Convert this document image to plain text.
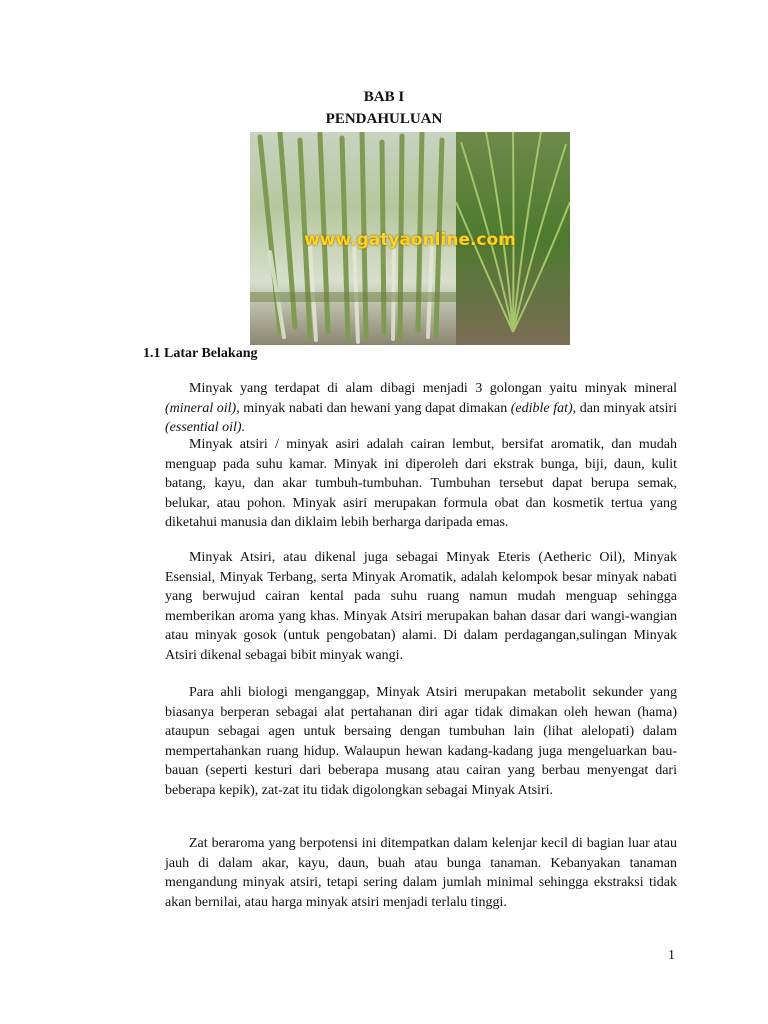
BAB I
PENDAHULUAN
www.gatyaonline.com
1.1 Latar Belakang
Minyak yang terdapat di alam dibagi menjadi 3 golongan yaitu minyak mineral (mineral oil), minyak nabati dan hewani yang dapat dimakan (edible fat), dan minyak atsiri (essential oil).
Minyak atsiri / minyak asiri adalah cairan lembut, bersifat aromatik, dan mudah menguap pada suhu kamar. Minyak ini diperoleh dari ekstrak bunga, biji, daun, kulit batang, kayu, dan akar tumbuh-tumbuhan. Tumbuhan tersebut dapat berupa semak, belukar, atau pohon. Minyak asiri merupakan formula obat dan kosmetik tertua yang diketahui manusia dan diklaim lebih berharga daripada emas.
Minyak Atsiri, atau dikenal juga sebagai Minyak Eteris (Aetheric Oil), Minyak Esensial, Minyak Terbang, serta Minyak Aromatik, adalah kelompok besar minyak nabati yang berwujud cairan kental pada suhu ruang namun mudah menguap sehingga memberikan aroma yang khas. Minyak Atsiri merupakan bahan dasar dari wangi-wangian atau minyak gosok (untuk pengobatan) alami. Di dalam perdagangan,sulingan Minyak Atsiri dikenal sebagai bibit minyak wangi.
Para ahli biologi menganggap, Minyak Atsiri merupakan metabolit sekunder yang biasanya berperan sebagai alat pertahanan diri agar tidak dimakan oleh hewan (hama) ataupun sebagai agen untuk bersaing dengan tumbuhan lain (lihat alelopati) dalam mempertahankan ruang hidup. Walaupun hewan kadang-kadang juga mengeluarkan bau-bauan (seperti kesturi dari beberapa musang atau cairan yang berbau menyengat dari beberapa kepik), zat-zat itu tidak digolongkan sebagai Minyak Atsiri.
Zat beraroma yang berpotensi ini ditempatkan dalam kelenjar kecil di bagian luar atau jauh di dalam akar, kayu, daun, buah atau bunga tanaman. Kebanyakan tanaman mengandung minyak atsiri, tetapi sering dalam jumlah minimal sehingga ekstraksi tidak akan bernilai, atau harga minyak atsiri menjadi terlalu tinggi.
1
